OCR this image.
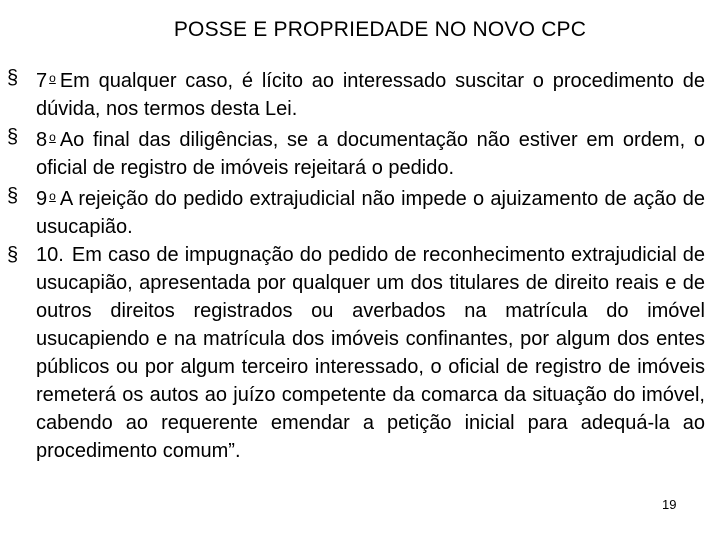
POSSE E PROPRIEDADE NO NOVO CPC

§ 7 $^o$ Em qualquer caso, é lícito ao interessado suscitar o procedimento de dúvida, nos termos desta Lei.

§ 8 $^o$ Ao final das diligências, se a documentação não estiver em ordem, o oficial de registro de imóveis rejeitará o pedido.

§ 9 $^o$ A rejeição do pedido extrajudicial não impede o ajuizamento de ação de usucapião.

§ 10. Em caso de impugnação do pedido de reconhecimento extrajudicial de usucapião, apresentada por qualquer um dos titulares de direito reais e de outros direitos registrados ou averbados na matrícula do imóvel usucapiendo e na matrícula dos imóveis confinantes, por algum dos entes públicos ou por algum terceiro interessado, o oficial de registro de imóveis remeterá os autos ao juízo competente da comarca da situação do imóvel, cabendo ao requerente emendar a petição inicial para adequá-la ao procedimento comum”.

19
